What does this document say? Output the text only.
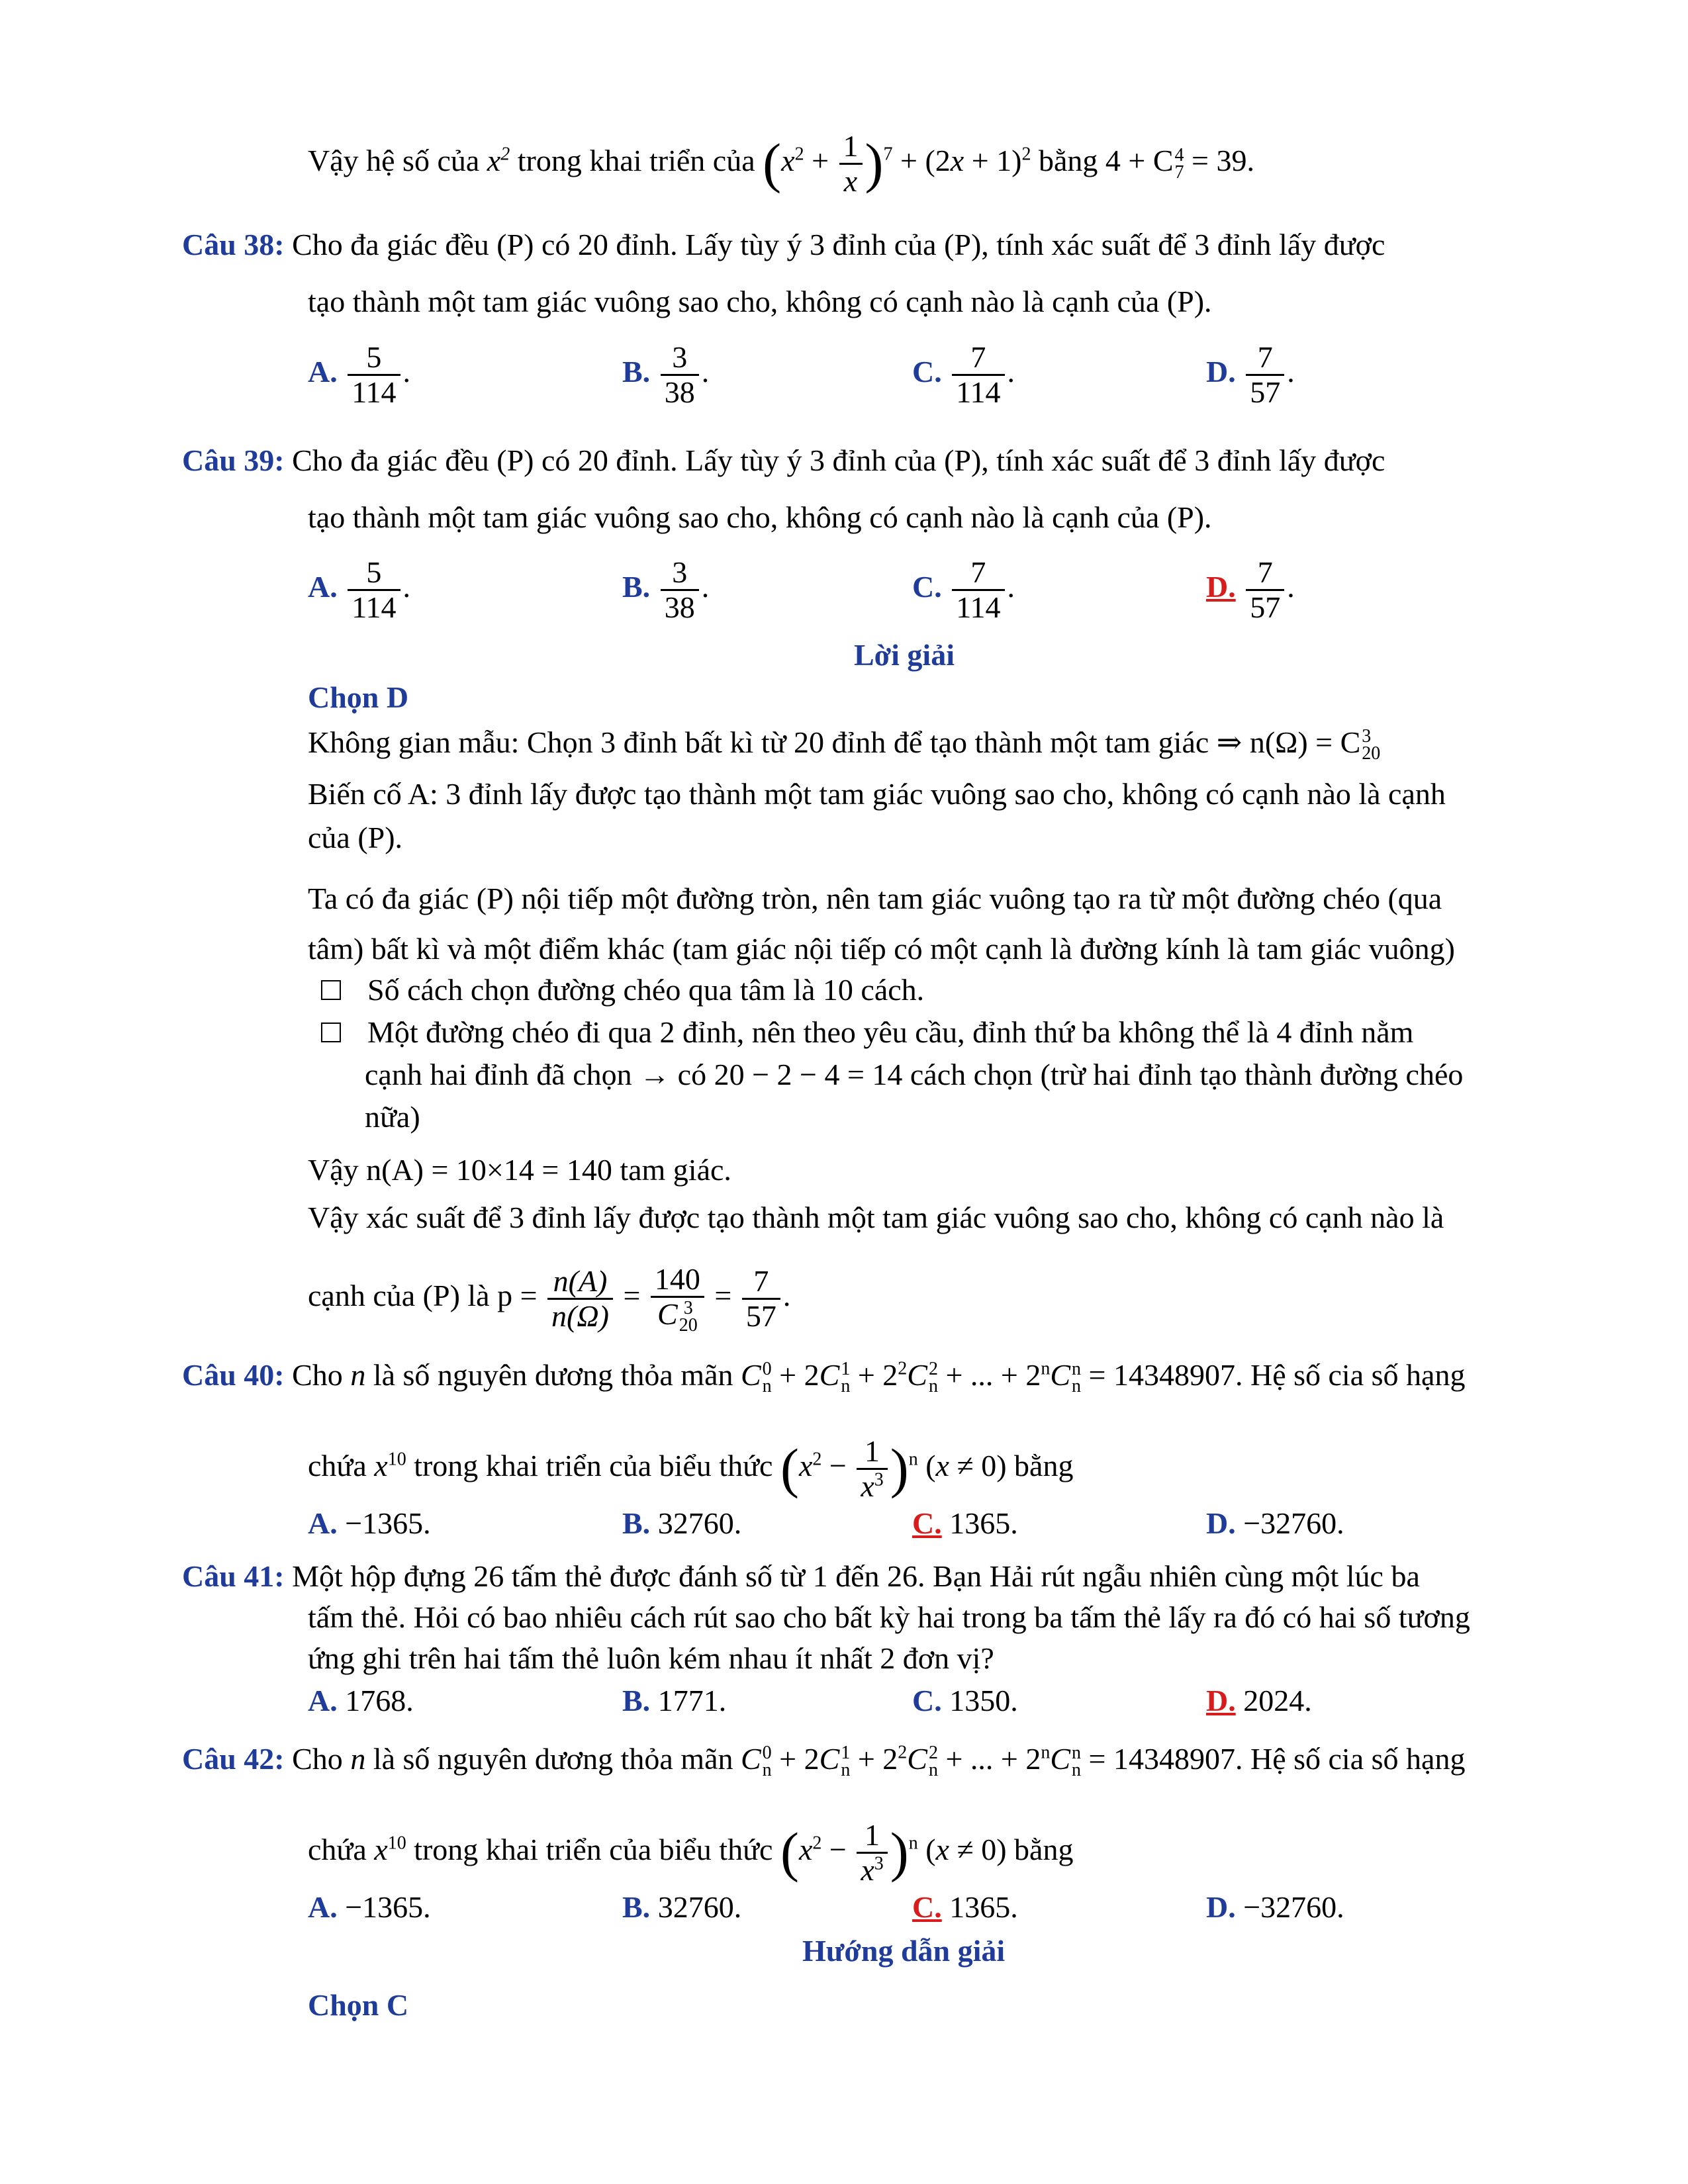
Vậy hệ số của $x^2$ trong khai triển của $(x^2 + \frac{1}{x} )^7 + (2x + 1)^2$ bằng 4 + C 4
7 = 39.
Câu 38: Cho đa giác đều (P) có 20 đỉnh. Lấy tùy ý 3 đỉnh của (P), tính xác suất để 3 đỉnh lấy được
tạo thành một tam giác vuông sao cho, không có cạnh nào là cạnh của (P).
A. $\frac{5}{114}$ .	B. $\frac{3}{38}$ .	C. $\frac{7}{114}$ .	D. $\frac{7}{57}$ .
Câu 39: Cho đa giác đều (P) có 20 đỉnh. Lấy tùy ý 3 đỉnh của (P), tính xác suất để 3 đỉnh lấy được
tạo thành một tam giác vuông sao cho, không có cạnh nào là cạnh của (P).
A. $\frac{5}{114}$ .	B. $\frac{3}{38}$ .	C. $\frac{7}{114}$ .	D. $\frac{7}{57}$ .
Lời giải
Chọn D
Không gian mẫu: Chọn 3 đỉnh bất kì từ 20 đỉnh để tạo thành một tam giác ⇒ n(Ω) = C 3
20
Biến cố A: 3 đỉnh lấy được tạo thành một tam giác vuông sao cho, không có cạnh nào là cạnh
của (P).
Ta có đa giác (P) nội tiếp một đường tròn, nên tam giác vuông tạo ra từ một đường chéo (qua
tâm) bất kì và một điểm khác (tam giác nội tiếp có một cạnh là đường kính là tam giác vuông)
Số cách chọn đường chéo qua tâm là 10 cách.
Một đường chéo đi qua 2 đỉnh, nên theo yêu cầu, đỉnh thứ ba không thể là 4 đỉnh nằm
cạnh hai đỉnh đã chọn → có 20 − 2 − 4 = 14 cách chọn (trừ hai đỉnh tạo thành đường chéo
nữa)
Vậy n(A) = 10×14 = 140 tam giác.
Vậy xác suất để 3 đỉnh lấy được tạo thành một tam giác vuông sao cho, không có cạnh nào là
cạnh của (P) là $p = \frac{n(A)}{n(\Omega)} = 140$
C 3
$20 = \frac{7}{57}$ .
Câu 40: Cho n là số nguyên dương thỏa mãn C 0
n + 2C 1
$n + 2^2C$ 2
n + ... + $2^nC$ n
n = 14348907. Hệ số cia số hạng
chứa $x^{10}$ trong khai triển của biểu thức $(x^2 - \frac{1}{x^3} )^n$ (x ≠ 0) bằng
A. −1365.	B. 32760.	C. 1365.	D. −32760.
Câu 41: Một hộp đựng 26 tấm thẻ được đánh số từ 1 đến 26. Bạn Hải rút ngẫu nhiên cùng một lúc ba
tấm thẻ. Hỏi có bao nhiêu cách rút sao cho bất kỳ hai trong ba tấm thẻ lấy ra đó có hai số tương
ứng ghi trên hai tấm thẻ luôn kém nhau ít nhất 2 đơn vị?
A. 1768.	B. 1771.	C. 1350.	D. 2024.
Câu 42: Cho n là số nguyên dương thỏa mãn C 0
n + 2C 1
$n + 2^2C$ 2
n + ... + $2^nC$ n
n = 14348907. Hệ số cia số hạng
chứa $x^{10}$ trong khai triển của biểu thức $(x^2 - \frac{1}{x^3} )^n$ (x ≠ 0) bằng
A. −1365.	B. 32760.	C. 1365.	D. −32760.
Hướng dẫn giải
Chọn C
